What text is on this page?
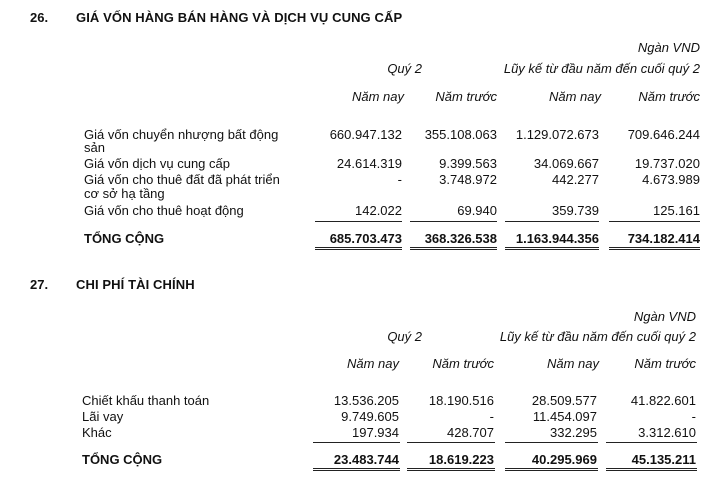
26. GIÁ VỐN HÀNG BÁN HÀNG VÀ DỊCH VỤ CUNG CẤP
Ngàn VND
Quý 2	Lũy kế từ đầu năm đến cuối quý 2
Năm nay Năm trước	Năm nay	Năm trước
Giá vốn chuyển nhượng bất động
sản
660.947.132 355.108.063 1.129.072.673 709.646.244
Giá vốn dịch vụ cung cấp	24.614.319	9.399.563	34.069.667	19.737.020
Giá vốn cho thuê đất đã phát triển
cơ sở hạ tầng
-	3.748.972	442.277	4.673.989
Giá vốn cho thuê hoạt động	142.022	69.940	359.739	125.161
TỔNG CỘNG	685.703.473 368.326.538 1.163.944.356 734.182.414
27. CHI PHÍ TÀI CHÍNH
Ngàn VND
Quý 2	Lũy kế từ đầu năm đến cuối quý 2
Năm nay	Năm trước	Năm nay	Năm trước
Chiết khấu thanh toán	13.536.205 18.190.516	28.509.577	41.822.601
Lãi vay	9.749.605	-	11.454.097	-
Khác	197.934	428.707	332.295	3.312.610
TỔNG CỘNG	23.483.744 18.619.223	40.295.969	45.135.211
